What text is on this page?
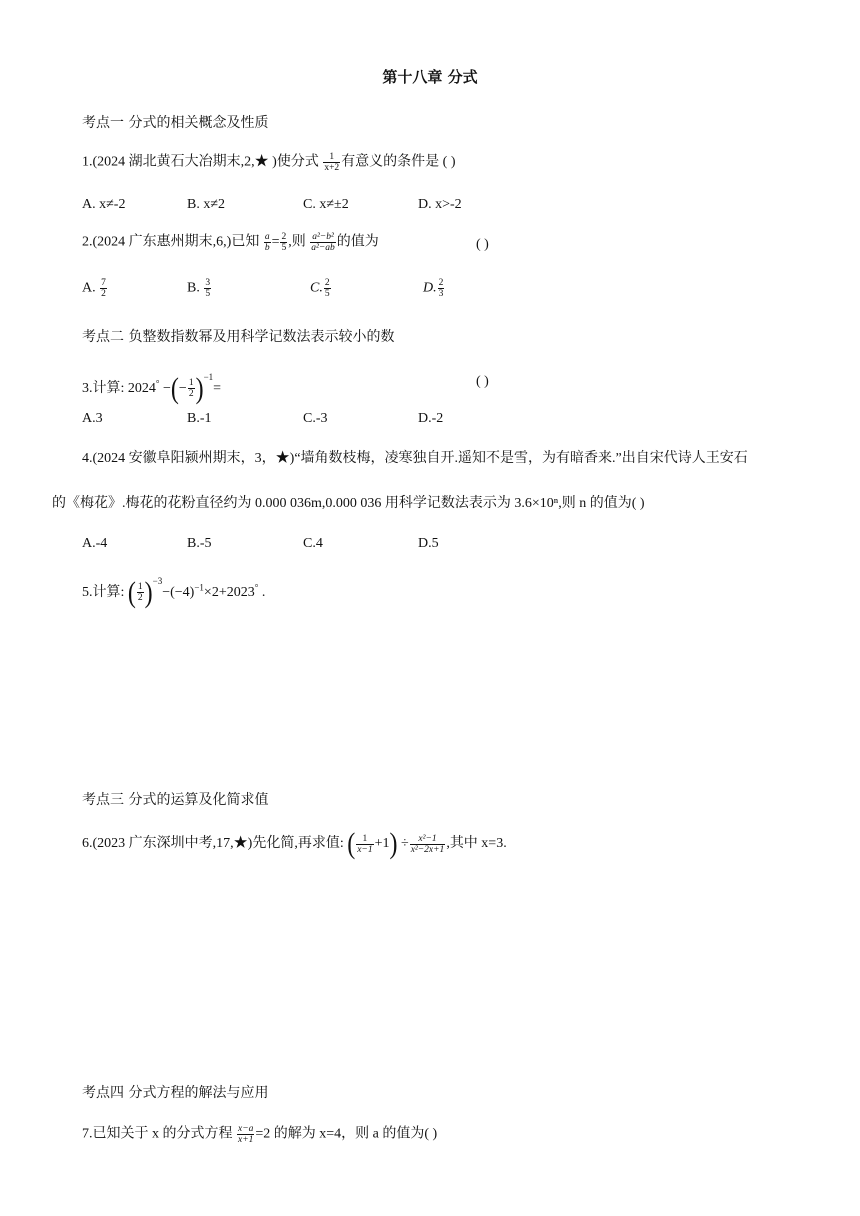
第十八章 分式
考点一 分式的相关概念及性质
1.(2024 湖北黄石大冶期末,2,★ )使分式 $\frac{1}{x+2}$ 有意义的条件是 ( )
A. x≠-2	B. x≠2	C. x≠±2	D. x>-2
2.(2024 广东惠州期末,6,)已知 $\frac{a}{b} = \frac{2}{5}$ ,则 $\frac{\text{a²−b²}}{\text{a²−ab}}$ 的值为	( )
A. $\frac{7}{2}$	B. $\frac{3}{5}$	C. $\frac{2}{5}$	D. $\frac{2}{3}$
考点二 负整数指数幂及用科学记数法表示较小的数
3.计算: 2024° −(− $\frac{1}{2} )^{-1}=$	( )
A.3	B.-1	C.-3	D.-2
4.(2024 安徽阜阳颍州期末，3，★)“墙角数枝梅，凌寒独自开.遥知不是雪，为有暗香来.”出自宋代诗人王安石
的《梅花》.梅花的花粉直径约为 0.000 036m,0.000 036 用科学记数法表示为 3.6×10ⁿ,则 n 的值为( )
A.-4	B.-5	C.4	D.5
5.计算: ( $\frac{1}{2} )^{-3}-(-4)^{-1}\times 2+2023^\circ$ .
考点三 分式的运算及化简求值
6.(2023 广东深圳中考,17,★)先化简,再求值: ( $\frac{1}{x-1} +1) \div \frac{\text{x²−1}}{\text{x²−2x+1}}$ ,其中 x=3.
考点四 分式方程的解法与应用
7.已知关于 x 的分式方程 $\frac{x-a}{x+1} =2$ 的解为 x=4，则 a 的值为( )
